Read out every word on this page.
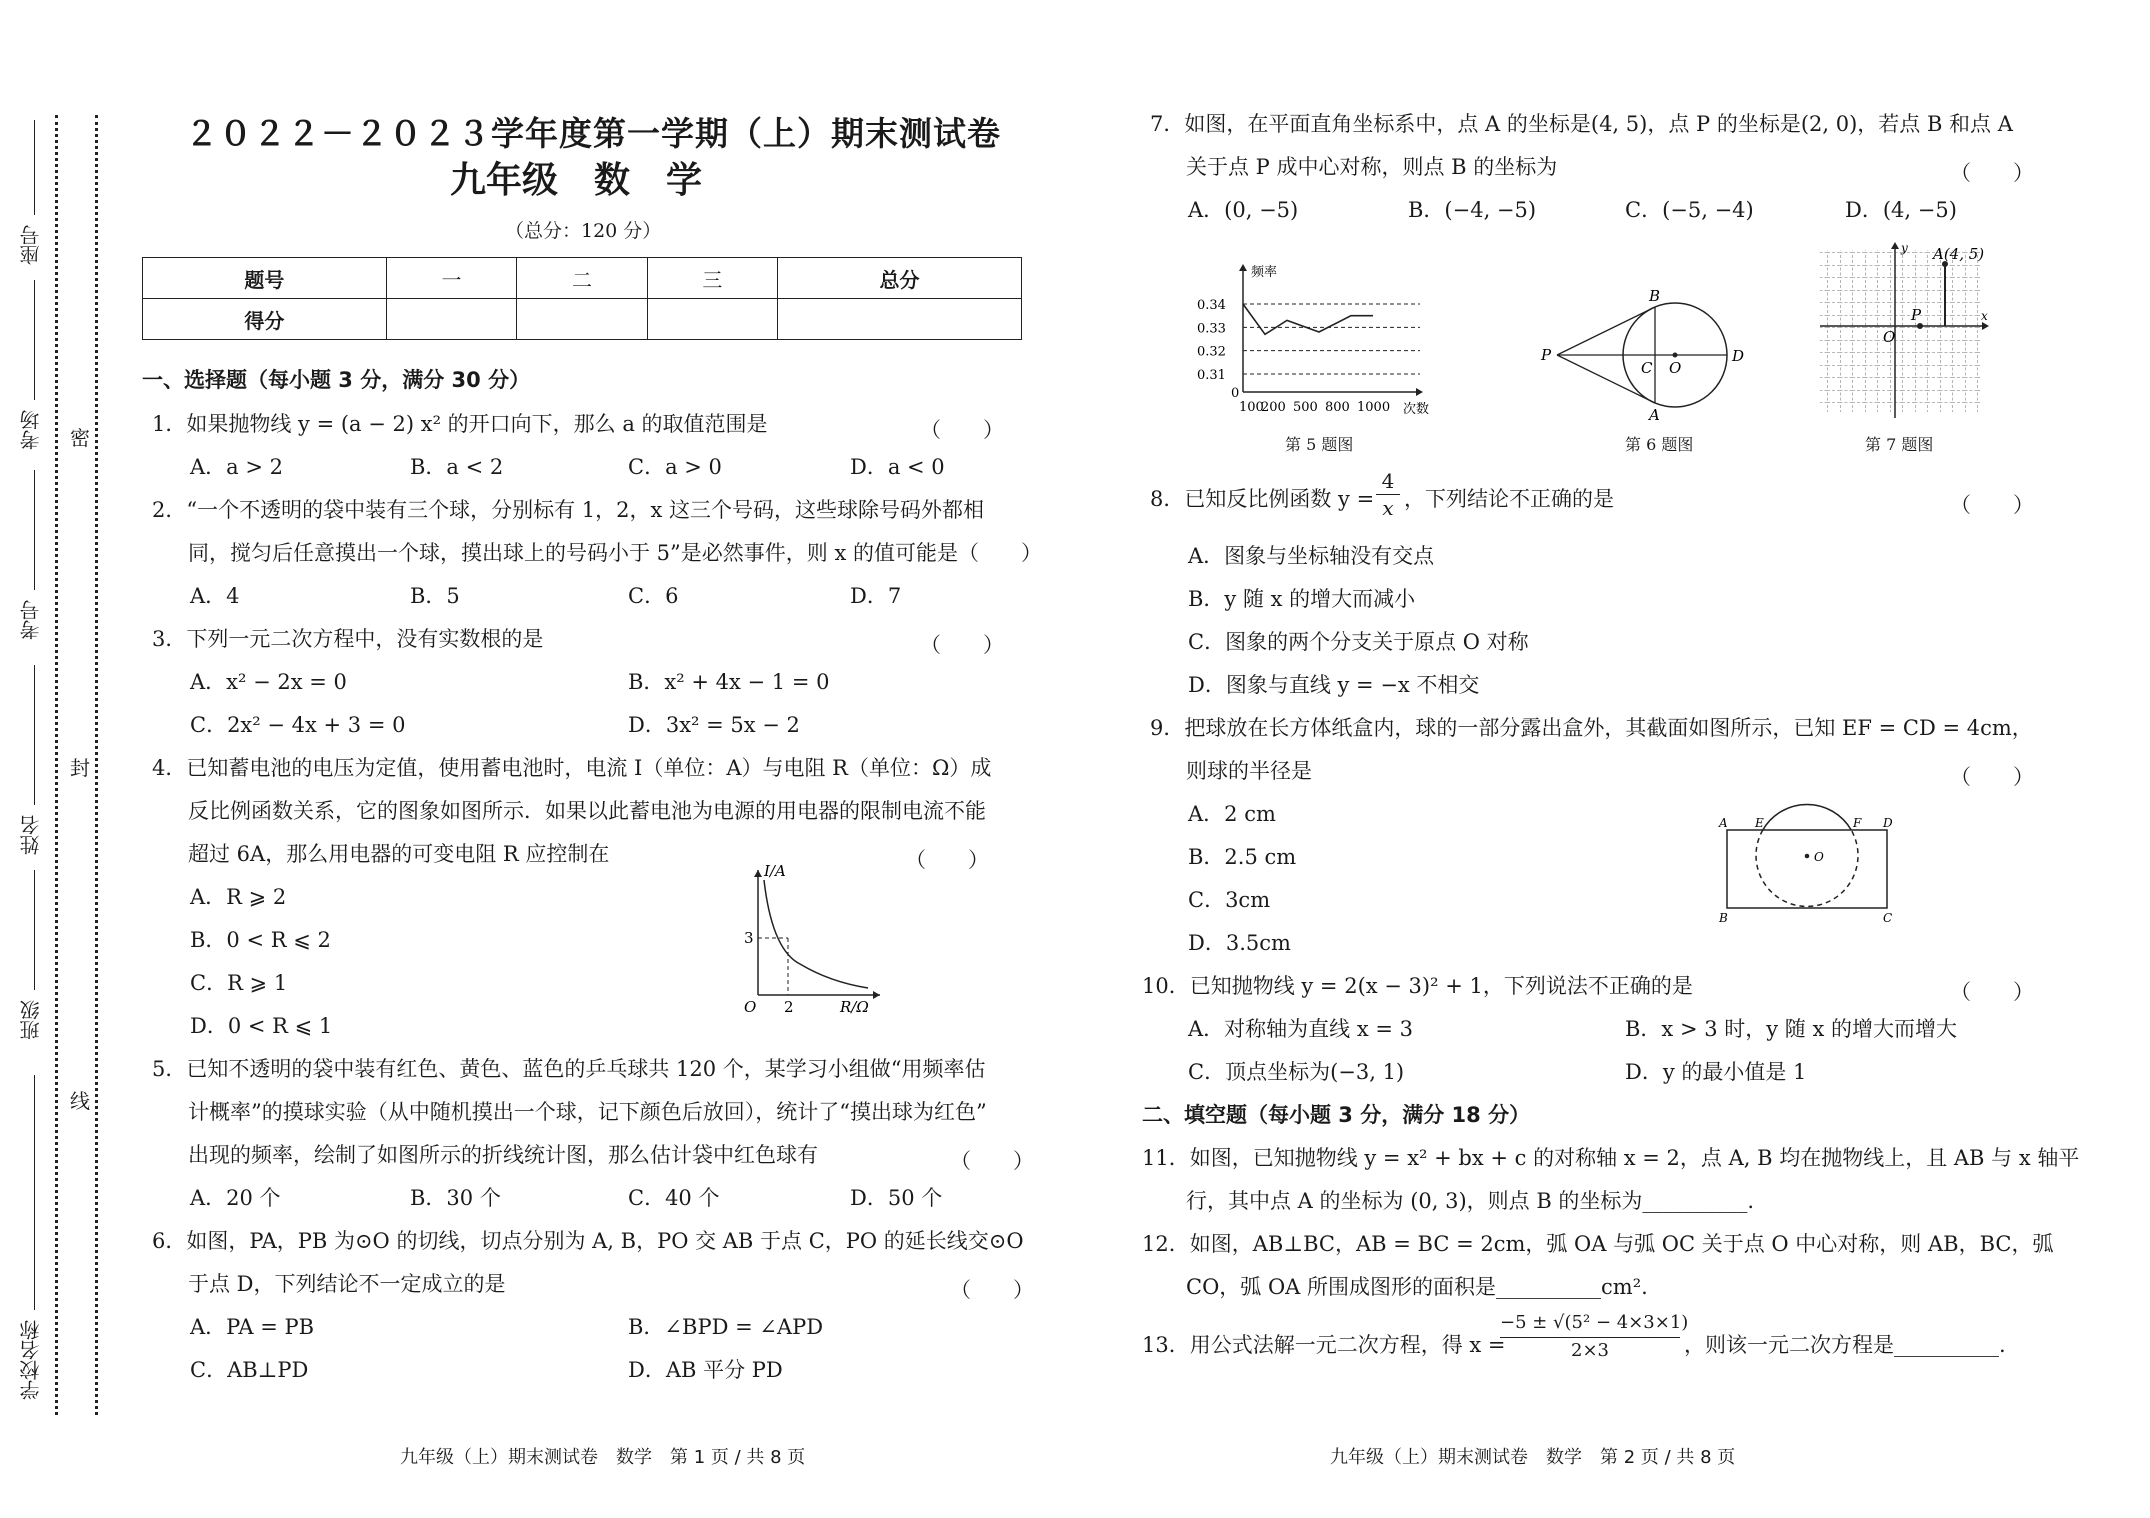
座号
考场
考号
姓名
班级
学校名称
密
封
线
２０２２－２０２３学年度第一学期（上）期末测试卷
九年级　数　学
（总分：120 分）
题号	一	二	三	总分
得分				
一、选择题（每小题 3 分，满分 30 分）
1．如果抛物线 y = (a − 2) x² 的开口向下，那么 a 的取值范围是	（　　）
A．a > 2	B．a < 2	C．a > 0	D．a < 0
2．“一个不透明的袋中装有三个球，分别标有 1，2，x 这三个号码，这些球除号码外都相
同，搅匀后任意摸出一个球，摸出球上的号码小于 5”是必然事件，则 x 的值可能是（　　）
A．4	B．5	C．6	D．7
3．下列一元二次方程中，没有实数根的是	（　　）
A．x² − 2x = 0	B．x² + 4x − 1 = 0
C．2x² − 4x + 3 = 0	D．3x² = 5x − 2
4．已知蓄电池的电压为定值，使用蓄电池时，电流 I（单位：A）与电阻 R（单位：Ω）成
反比例函数关系，它的图象如图所示．如果以此蓄电池为电源的用电器的限制电流不能
超过 6A，那么用电器的可变电阻 R 应控制在	（　　）
A．R ⩾ 2
B．0 < R ⩽ 2
C．R ⩾ 1
D．0 < R ⩽ 1
I/A
R/Ω
O
3
2
5．已知不透明的袋中装有红色、黄色、蓝色的乒乓球共 120 个，某学习小组做“用频率估
计概率”的摸球实验（从中随机摸出一个球，记下颜色后放回），统计了“摸出球为红色”
出现的频率，绘制了如图所示的折线统计图，那么估计袋中红色球有	（　　）
A．20 个	B．30 个	C．40 个	D．50 个
6．如图，PA，PB 为⊙O 的切线，切点分别为 A, B，PO 交 AB 于点 C，PO 的延长线交⊙O
于点 D，下列结论不一定成立的是	（　　）
A．PA = PB	B．∠BPD = ∠APD
C．AB⊥PD	D．AB 平分 PD
九年级（上）期末测试卷　数学　第 1 页 / 共 8 页
7．如图，在平面直角坐标系中，点 A 的坐标是(4, 5)，点 P 的坐标是(2, 0)，若点 B 和点 A
关于点 P 成中心对称，则点 B 的坐标为	（　　）
A．(0, −5)	B．(−4, −5)	C．(−5, −4)	D．(4, −5)
频率
次数
0.34
0.33
0.32
0.31
0
100
200 500 800 1000
第 5 题图
P
B
A
C O
D
第 6 题图
A(4, 5)
O
P	x
y
第 7 题图
8．已知反比例函数 $y = \frac{4}{x}$ ，下列结论不正确的是	（　　）
A．图象与坐标轴没有交点
B．y 随 x 的增大而减小
C．图象的两个分支关于原点 O 对称
D．图象与直线 y = −x 不相交
9．把球放在长方体纸盒内，球的一部分露出盒外，其截面如图所示，已知 EF = CD = 4cm，
则球的半径是	（　　）
A．2 cm
B．2.5 cm
C．3cm
D．3.5cm
O
A E	F D
B	C
10．已知抛物线 y = 2(x − 3)² + 1，下列说法不正确的是	（　　）
A．对称轴为直线 x = 3	B．x > 3 时，y 随 x 的增大而增大
C．顶点坐标为(−3, 1)	D．y 的最小值是 1
二、填空题（每小题 3 分，满分 18 分）
11．如图，已知抛物线 y = x² + bx + c 的对称轴 x = 2，点 A, B 均在抛物线上，且 AB 与 x 轴平
行，其中点 A 的坐标为 (0, 3)，则点 B 的坐标为__________.
12．如图，AB⊥BC，AB = BC = 2cm，弧 OA 与弧 OC 关于点 O 中心对称，则 AB，BC，弧
CO，弧 OA 所围成图形的面积是__________cm².
13．用公式法解一元二次方程，得 x =
$\frac{\text{−5 ± √(5² − 4×3×1)}}{2\times 3}$ ，则该一元二次方程是__________.
九年级（上）期末测试卷　数学　第 2 页 / 共 8 页
